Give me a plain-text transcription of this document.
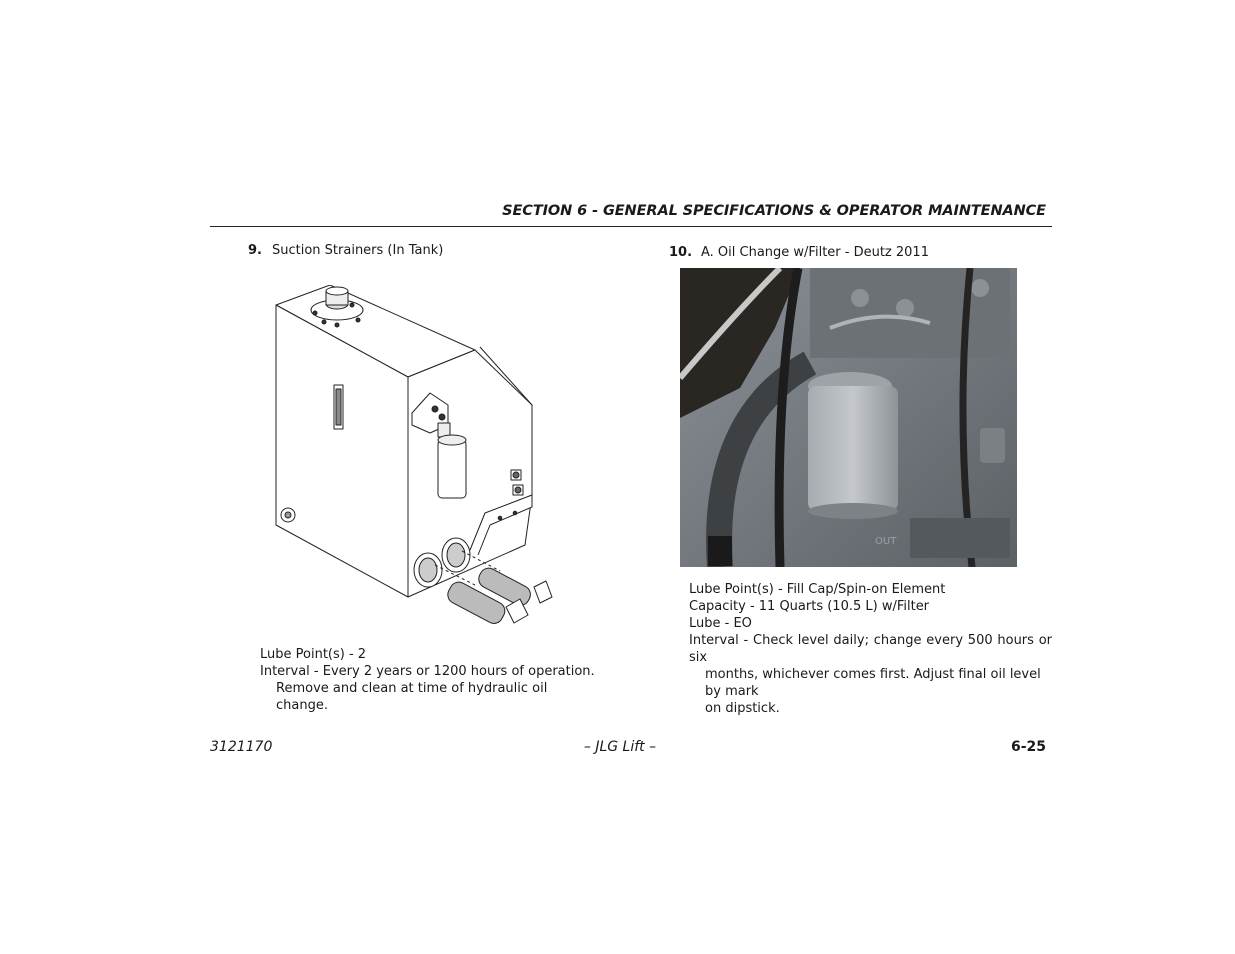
SECTION 6 - GENERAL SPECIFICATIONS & OPERATOR MAINTENANCE
9. Suction Strainers (In Tank)
Lube Point(s) - 2
Interval - Every 2 years or 1200 hours of operation.
Remove and clean at time of hydraulic oil change.
10. A. Oil Change w/Filter - Deutz 2011
OUT
Lube Point(s) - Fill Cap/Spin-on Element
Capacity - 11 Quarts (10.5 L) w/Filter
Lube - EO
Interval - Check level daily; change every 500 hours or six
months, whichever comes first. Adjust final oil level by mark
on dipstick.
3121170	– JLG Lift –	6-25
